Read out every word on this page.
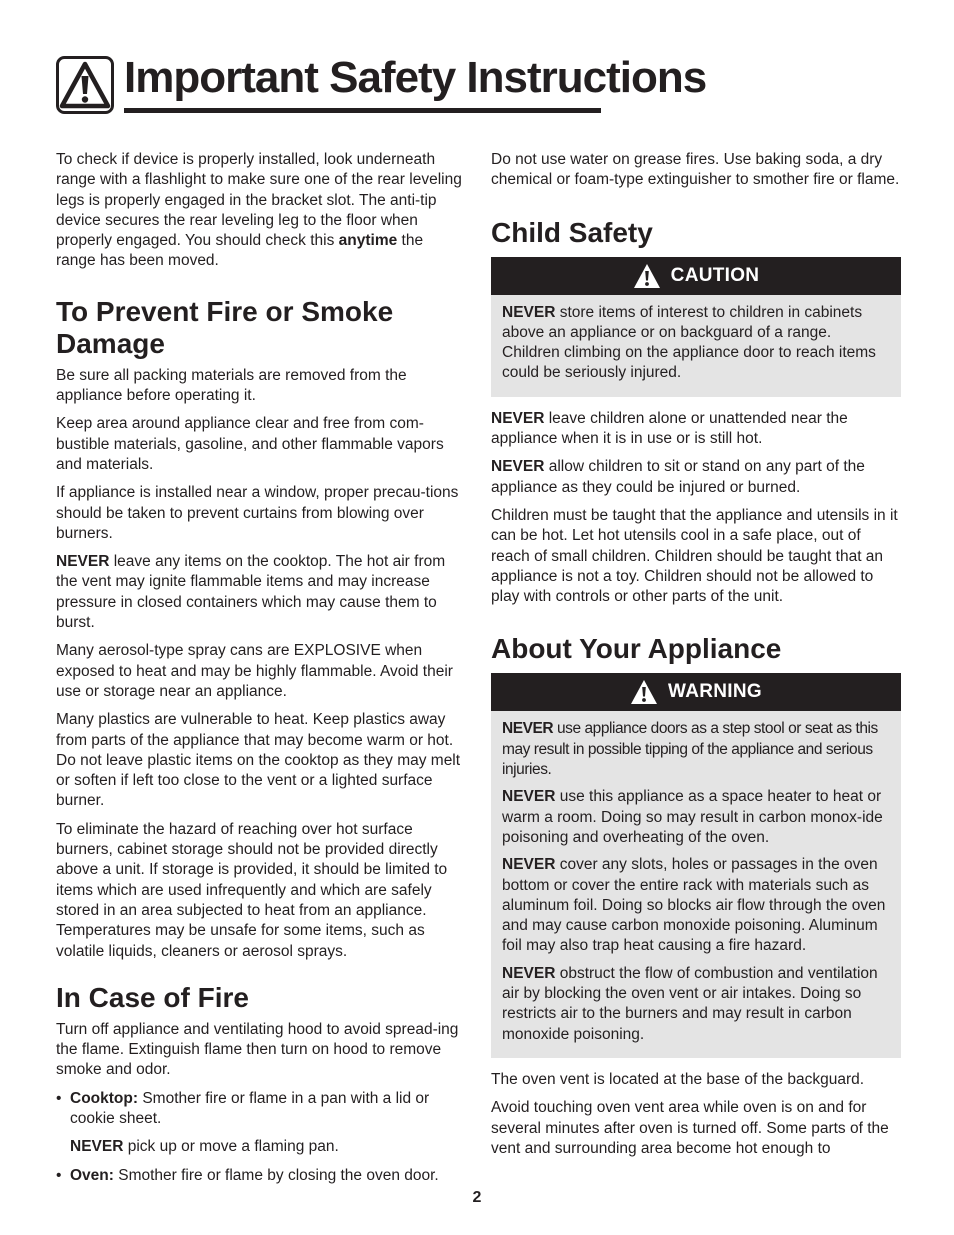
Important Safety Instructions

To check if device is properly installed, look underneath range with a flashlight to make sure one of the rear leveling legs is properly engaged in the bracket slot. The anti-tip device secures the rear leveling leg to the floor when properly engaged. You should check this anytime the range has been moved.

To Prevent Fire or Smoke Damage

Be sure all packing materials are removed from the appliance before operating it.

Keep area around appliance clear and free from com-bustible materials, gasoline, and other flammable vapors and materials.

If appliance is installed near a window, proper precau-tions should be taken to prevent curtains from blowing over burners.

NEVER leave any items on the cooktop. The hot air from the vent may ignite flammable items and may increase pressure in closed containers which may cause them to burst.

Many aerosol-type spray cans are EXPLOSIVE when exposed to heat and may be highly flammable. Avoid their use or storage near an appliance.

Many plastics are vulnerable to heat. Keep plastics away from parts of the appliance that may become warm or hot. Do not leave plastic items on the cooktop as they may melt or soften if left too close to the vent or a lighted surface burner.

To eliminate the hazard of reaching over hot surface burners, cabinet storage should not be provided directly above a unit. If storage is provided, it should be limited to items which are used infrequently and which are safely stored in an area subjected to heat from an appliance. Temperatures may be unsafe for some items, such as volatile liquids, cleaners or aerosol sprays.

In Case of Fire

Turn off appliance and ventilating hood to avoid spread-ing the flame. Extinguish flame then turn on hood to remove smoke and odor.

• Cooktop: Smother fire or flame in a pan with a lid or cookie sheet.

NEVER pick up or move a flaming pan.

• Oven: Smother fire or flame by closing the oven door.

Do not use water on grease fires. Use baking soda, a dry chemical or foam-type extinguisher to smother fire or flame.

Child Safety
CAUTION

NEVER store items of interest to children in cabinets above an appliance or on backguard of a range. Children climbing on the appliance door to reach items could be seriously injured.

NEVER leave children alone or unattended near the appliance when it is in use or is still hot.

NEVER allow children to sit or stand on any part of the appliance as they could be injured or burned.

Children must be taught that the appliance and utensils in it can be hot. Let hot utensils cool in a safe place, out of reach of small children. Children should be taught that an appliance is not a toy. Children should not be allowed to play with controls or other parts of the unit.

About Your Appliance
WARNING

NEVER use appliance doors as a step stool or seat as this may result in possible tipping of the appliance and serious injuries.

NEVER use this appliance as a space heater to heat or warm a room. Doing so may result in carbon monox-ide poisoning and overheating of the oven.

NEVER cover any slots, holes or passages in the oven bottom or cover the entire rack with materials such as aluminum foil. Doing so blocks air flow through the oven and may cause carbon monoxide poisoning. Aluminum foil may also trap heat causing a fire hazard.

NEVER obstruct the flow of combustion and ventilation air by blocking the oven vent or air intakes. Doing so restricts air to the burners and may result in carbon monoxide poisoning.

The oven vent is located at the base of the backguard.

Avoid touching oven vent area while oven is on and for several minutes after oven is turned off. Some parts of the vent and surrounding area become hot enough to

2
